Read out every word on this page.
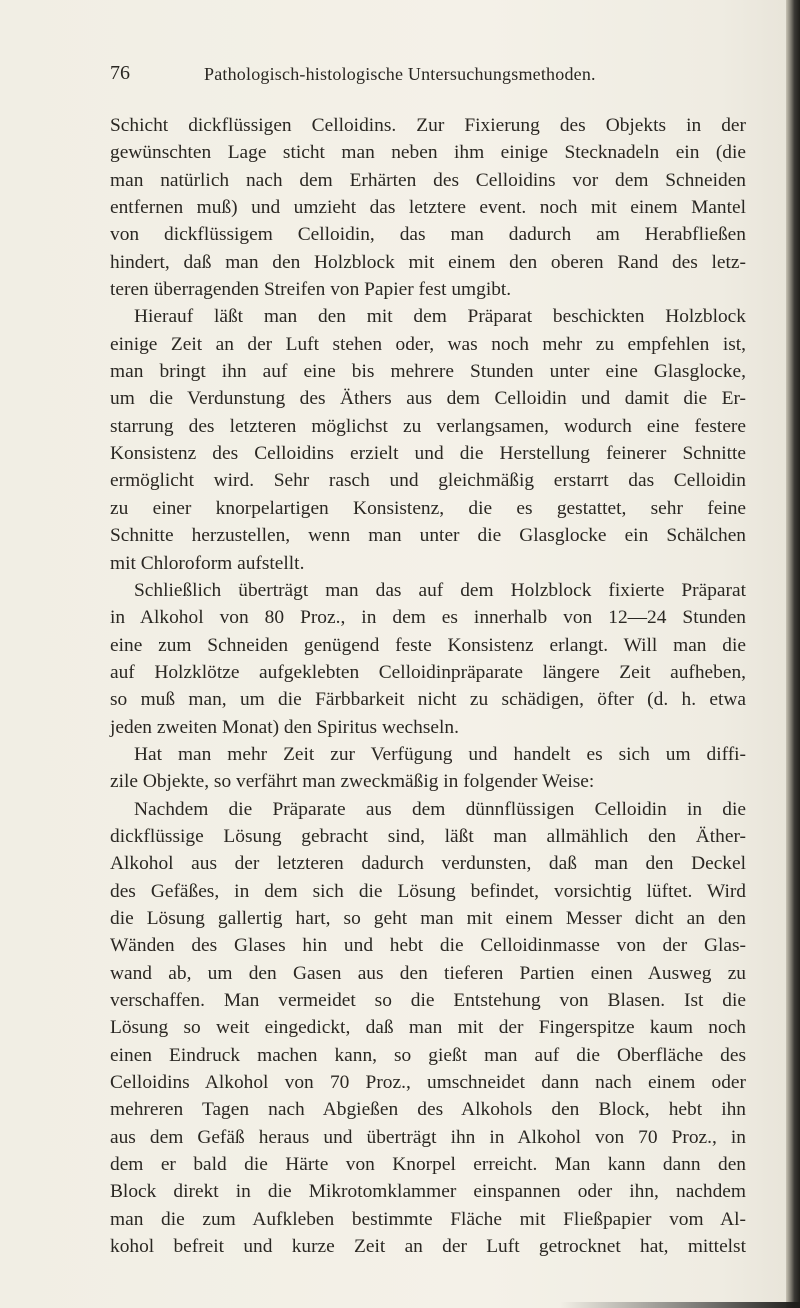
76	Pathologisch-histologische Untersuchungsmethoden.
Schicht dickflüssigen Celloidins. Zur Fixierung des Objekts in der
gewünschten Lage sticht man neben ihm einige Stecknadeln ein (die
man natürlich nach dem Erhärten des Celloidins vor dem Schneiden
entfernen muß) und umzieht das letztere event. noch mit einem Mantel
von dickflüssigem Celloidin, das man dadurch am Herabfließen
hindert, daß man den Holzblock mit einem den oberen Rand des letz-
teren überragenden Streifen von Papier fest umgibt.
Hierauf läßt man den mit dem Präparat beschickten Holzblock
einige Zeit an der Luft stehen oder, was noch mehr zu empfehlen ist,
man bringt ihn auf eine bis mehrere Stunden unter eine Glasglocke,
um die Verdunstung des Äthers aus dem Celloidin und damit die Er-
starrung des letzteren möglichst zu verlangsamen, wodurch eine festere
Konsistenz des Celloidins erzielt und die Herstellung feinerer Schnitte
ermöglicht wird. Sehr rasch und gleichmäßig erstarrt das Celloidin
zu einer knorpelartigen Konsistenz, die es gestattet, sehr feine
Schnitte herzustellen, wenn man unter die Glasglocke ein Schälchen
mit Chloroform aufstellt.
Schließlich überträgt man das auf dem Holzblock fixierte Präparat
in Alkohol von 80 Proz., in dem es innerhalb von 12—24 Stunden
eine zum Schneiden genügend feste Konsistenz erlangt. Will man die
auf Holzklötze aufgeklebten Celloidinpräparate längere Zeit aufheben,
so muß man, um die Färbbarkeit nicht zu schädigen, öfter (d. h. etwa
jeden zweiten Monat) den Spiritus wechseln.
Hat man mehr Zeit zur Verfügung und handelt es sich um diffi-
zile Objekte, so verfährt man zweckmäßig in folgender Weise:
Nachdem die Präparate aus dem dünnflüssigen Celloidin in die
dickflüssige Lösung gebracht sind, läßt man allmählich den Äther-
Alkohol aus der letzteren dadurch verdunsten, daß man den Deckel
des Gefäßes, in dem sich die Lösung befindet, vorsichtig lüftet. Wird
die Lösung gallertig hart, so geht man mit einem Messer dicht an den
Wänden des Glases hin und hebt die Celloidinmasse von der Glas-
wand ab, um den Gasen aus den tieferen Partien einen Ausweg zu
verschaffen. Man vermeidet so die Entstehung von Blasen. Ist die
Lösung so weit eingedickt, daß man mit der Fingerspitze kaum noch
einen Eindruck machen kann, so gießt man auf die Oberfläche des
Celloidins Alkohol von 70 Proz., umschneidet dann nach einem oder
mehreren Tagen nach Abgießen des Alkohols den Block, hebt ihn
aus dem Gefäß heraus und überträgt ihn in Alkohol von 70 Proz., in
dem er bald die Härte von Knorpel erreicht. Man kann dann den
Block direkt in die Mikrotomklammer einspannen oder ihn, nachdem
man die zum Aufkleben bestimmte Fläche mit Fließpapier vom Al-
kohol befreit und kurze Zeit an der Luft getrocknet hat, mittelst
